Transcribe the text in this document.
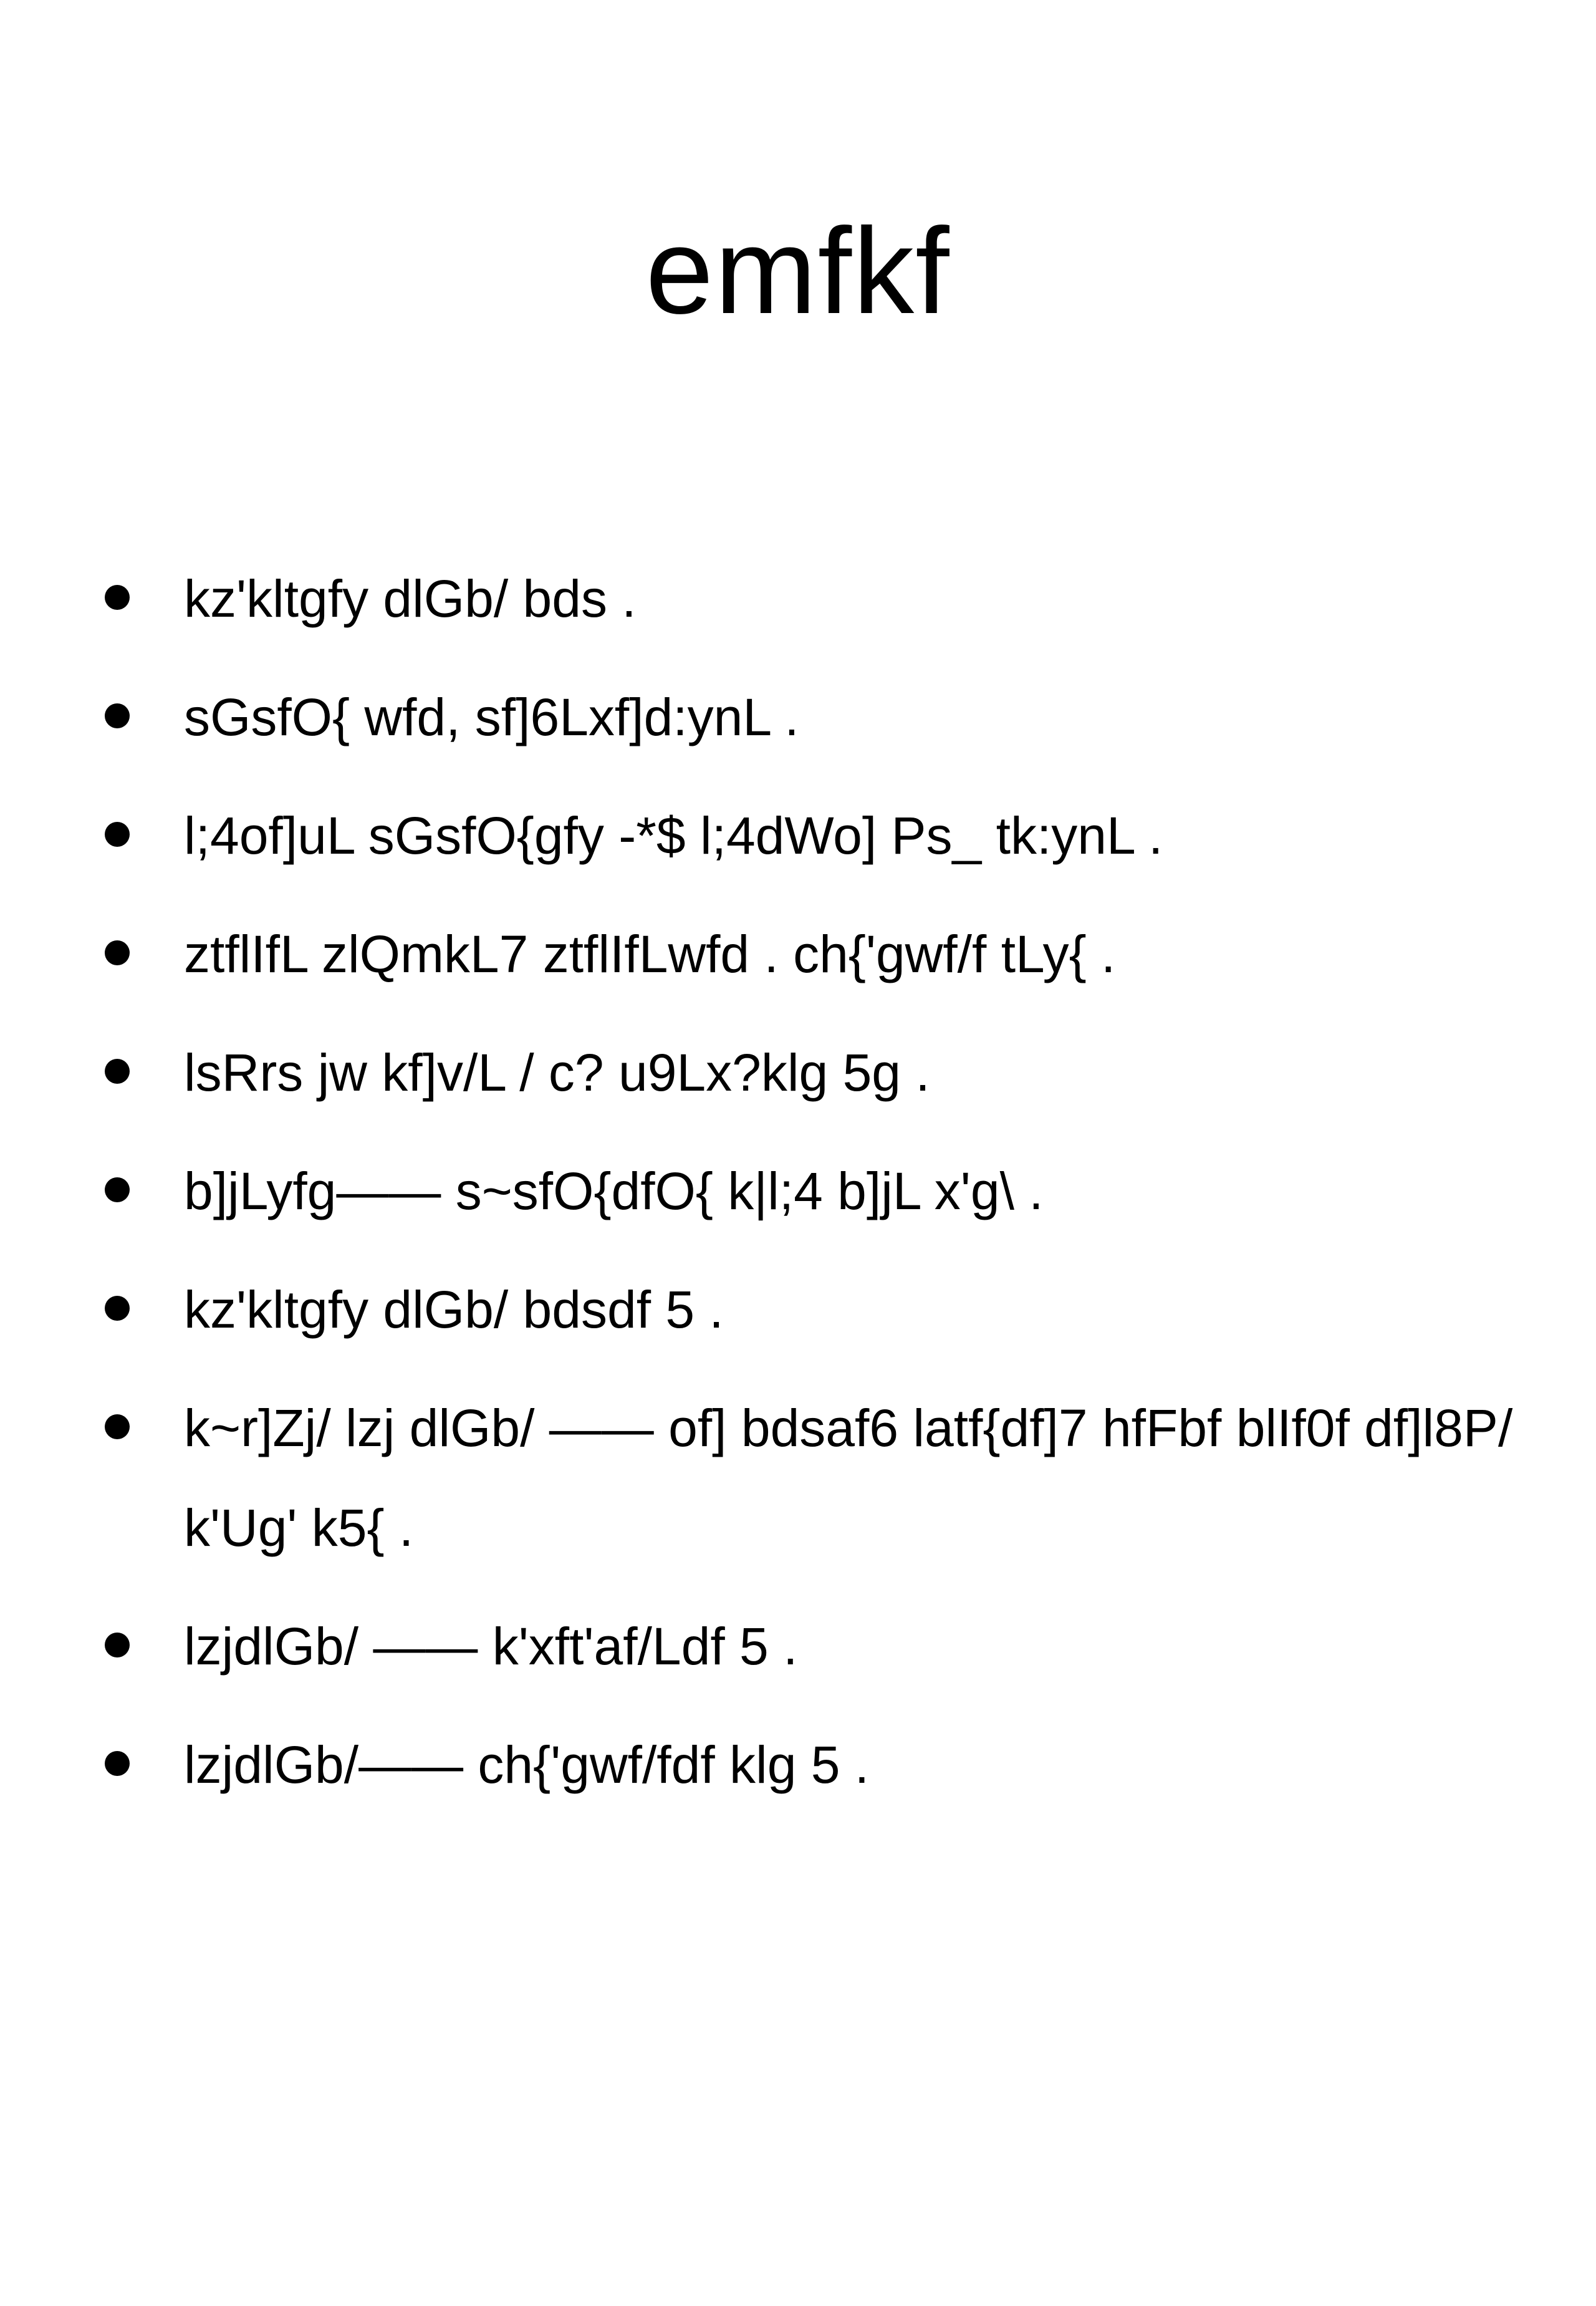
emfkf
kz'kltgfy dlGb/ bds .
sGsfO{ wfd, sf]6Lxf]d:ynL .
l;4of]uL sGsfO{gfy -*$ l;4dWo] Ps_ tk:ynL .
ztflIfL zlQmkL7 ztflIfLwfd . ch{'gwf/f tLy{ .
lsRrs jw kf]v/L / c? u9Lx?klg 5g .
b]jLyfg—— s~sfO{dfO{ k|l;4 b]jL x'g\ .
kz'kltgfy dlGb/ bdsdf 5 .
k~r]Zj/ lzj dlGb/ —— of] bdsaf6 latf{df]7 hfFbf blIf0f df]l8P/ k'Ug' k5{ .
lzjdlGb/ —— k'xft'af/Ldf 5 .
lzjdlGb/—— ch{'gwf/fdf klg 5 .
